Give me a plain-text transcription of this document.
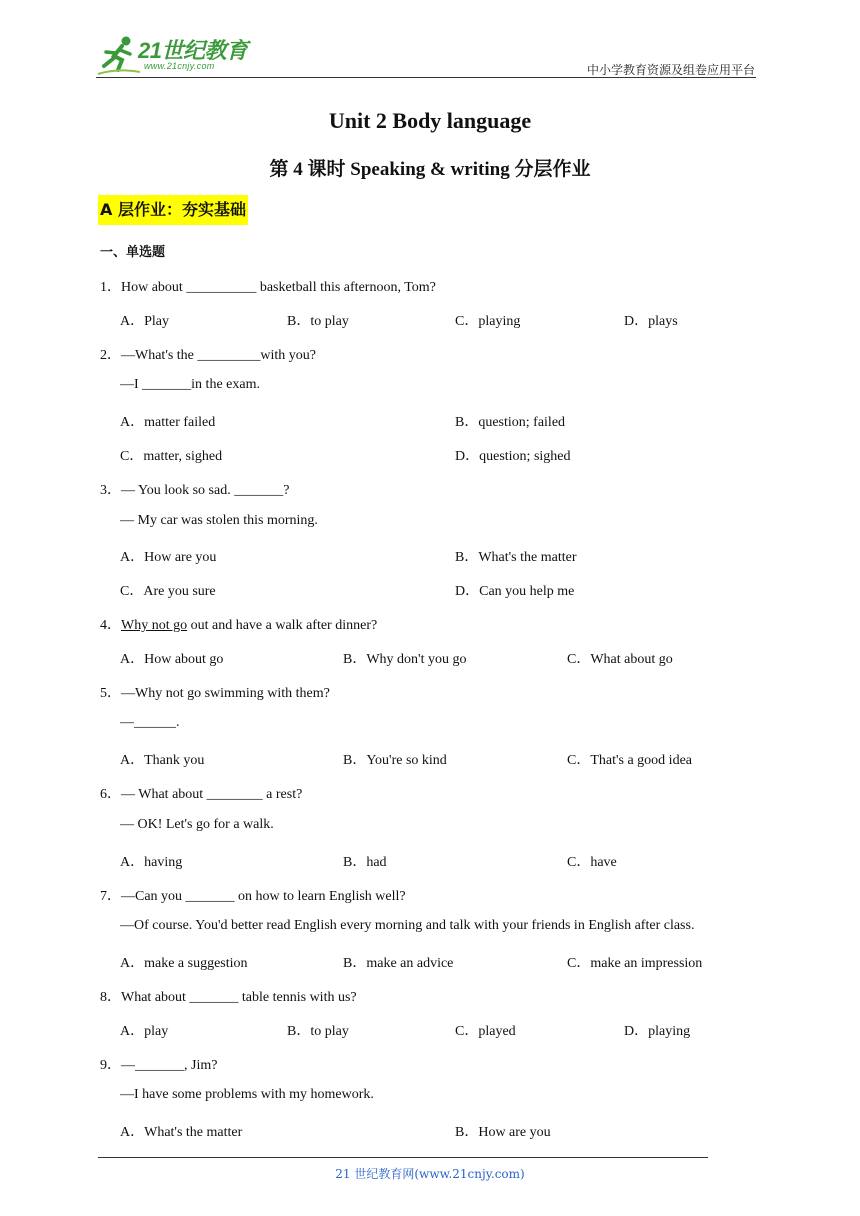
21世纪教育
www.21cnjy.com	中小学教育资源及组卷应用平台
Unit 2 Body language
第 4 课时 Speaking & writing 分层作业
A 层作业：夯实基础
一、单选题
1．How about __________ basketball this afternoon, Tom?
A．Play	B．to play	C．playing	D．plays
2．—What's the _________with you?
—I _______in the exam.
A．matter failed	B．question; failed
C．matter, sighed	D．question; sighed
3．— You look so sad. _______?
— My car was stolen this morning.
A．How are you	B．What's the matter
C．Are you sure	D．Can you help me
4．Why not go out and have a walk after dinner?
A．How about go	B．Why don't you go	C．What about go
5．—Why not go swimming with them?
—______.
A．Thank you	B．You're so kind	C．That's a good idea
6．— What about ________ a rest?
— OK! Let's go for a walk.
A．having	B．had	C．have
7．—Can you _______ on how to learn English well?
—Of course. You'd better read English every morning and talk with your friends in English after class.
A．make a suggestion	B．make an advice	C．make an impression
8．What about _______ table tennis with us?
A．play	B．to play	C．played	D．playing
9．—_______, Jim?
—I have some problems with my homework.
A．What's the matter	B．How are you
21 世纪教育网(www.21cnjy.com)
